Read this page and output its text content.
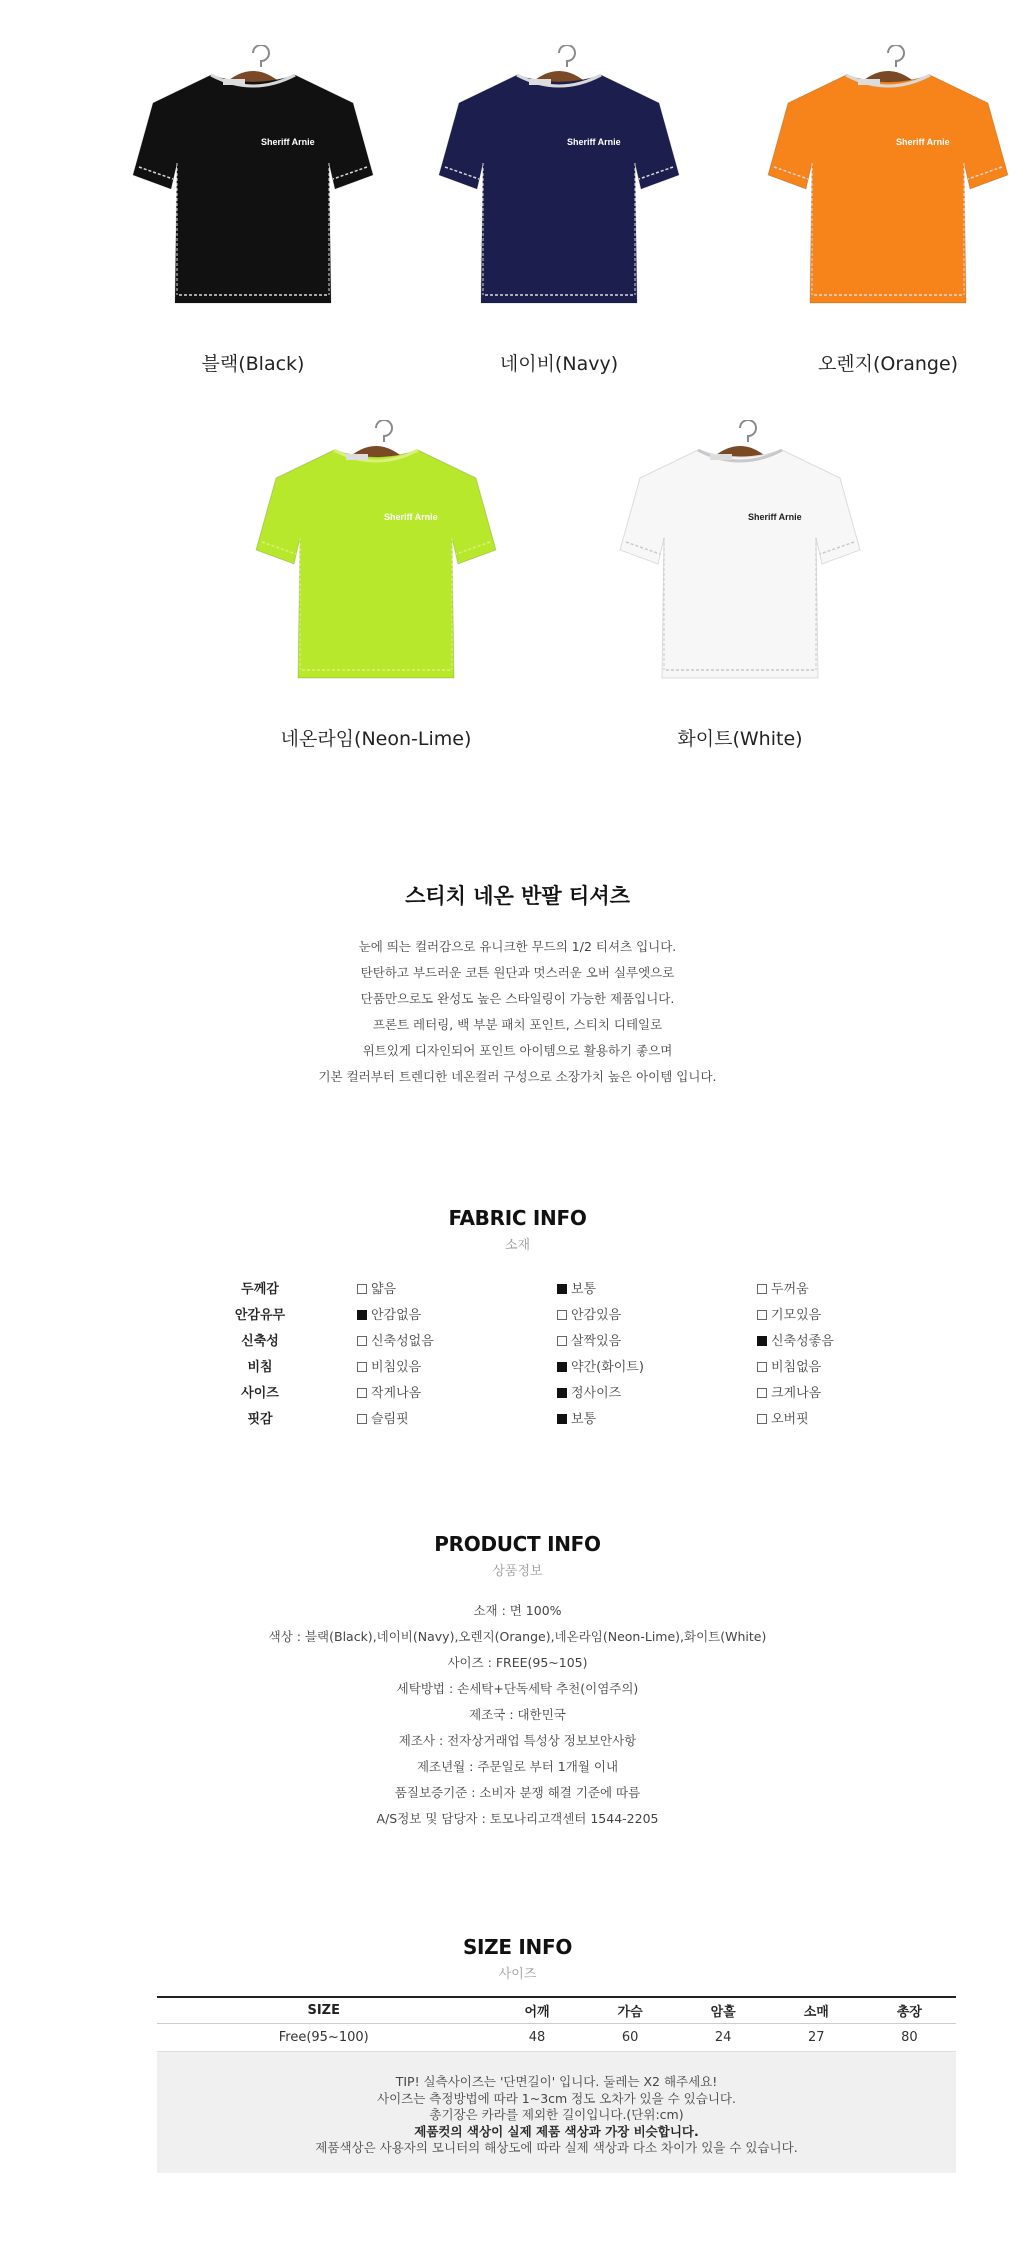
Sheriff Arnie
블랙(Black)
Sheriff Arnie
네이비(Navy)
Sheriff Arnie
오렌지(Orange)
Sheriff Arnie
네온라임(Neon-Lime)
Sheriff Arnie
화이트(White)
스티치 네온 반팔 티셔츠

눈에 띄는 컬러감으로 유니크한 무드의 1/2 티셔츠 입니다.

탄탄하고 부드러운 코튼 원단과 멋스러운 오버 실루엣으로

단품만으로도 완성도 높은 스타일링이 가능한 제품입니다.

프론트 레터링, 백 부분 패치 포인트, 스티치 디테일로

위트있게 디자인되어 포인트 아이템으로 활용하기 좋으며

기본 컬러부터 트렌디한 네온컬러 구성으로 소장가치 높은 아이템 입니다.

FABRIC INFO
소재
두께감	얇음	보통	두꺼움
안감유무	안감없음	안감있음	기모있음
신축성	신축성없음	살짝있음	신축성좋음
비침	비침있음	약간(화이트)	비침없음
사이즈	작게나옴	정사이즈	크게나옴
핏감	슬림핏	보통	오버핏
PRODUCT INFO
상품정보

소재 : 면 100%

색상 : 블랙(Black),네이비(Navy),오렌지(Orange),네온라임(Neon-Lime),화이트(White)

사이즈 : FREE(95~105)

세탁방법 : 손세탁+단독세탁 추천(이염주의)

제조국 : 대한민국

제조사 : 전자상거래업 특성상 정보보안사항

제조년월 : 주문일로 부터 1개월 이내

품질보증기준 : 소비자 분쟁 해결 기준에 따름

A/S정보 및 담당자 : 토모나리고객센터 1544-2205

SIZE INFO
사이즈
SIZE	어깨	가슴	암홀	소매	총장
Free(95~100)	48	60	24	27	80

TIP! 실측사이즈는 '단면길이' 입니다. 둘레는 X2 해주세요!

사이즈는 측정방법에 따라 1~3cm 정도 오차가 있을 수 있습니다.

총기장은 카라를 제외한 길이입니다.(단위:cm)

제품컷의 색상이 실제 제품 색상과 가장 비슷합니다.

제품색상은 사용자의 모니터의 해상도에 따라 실제 색상과 다소 차이가 있을 수 있습니다.
